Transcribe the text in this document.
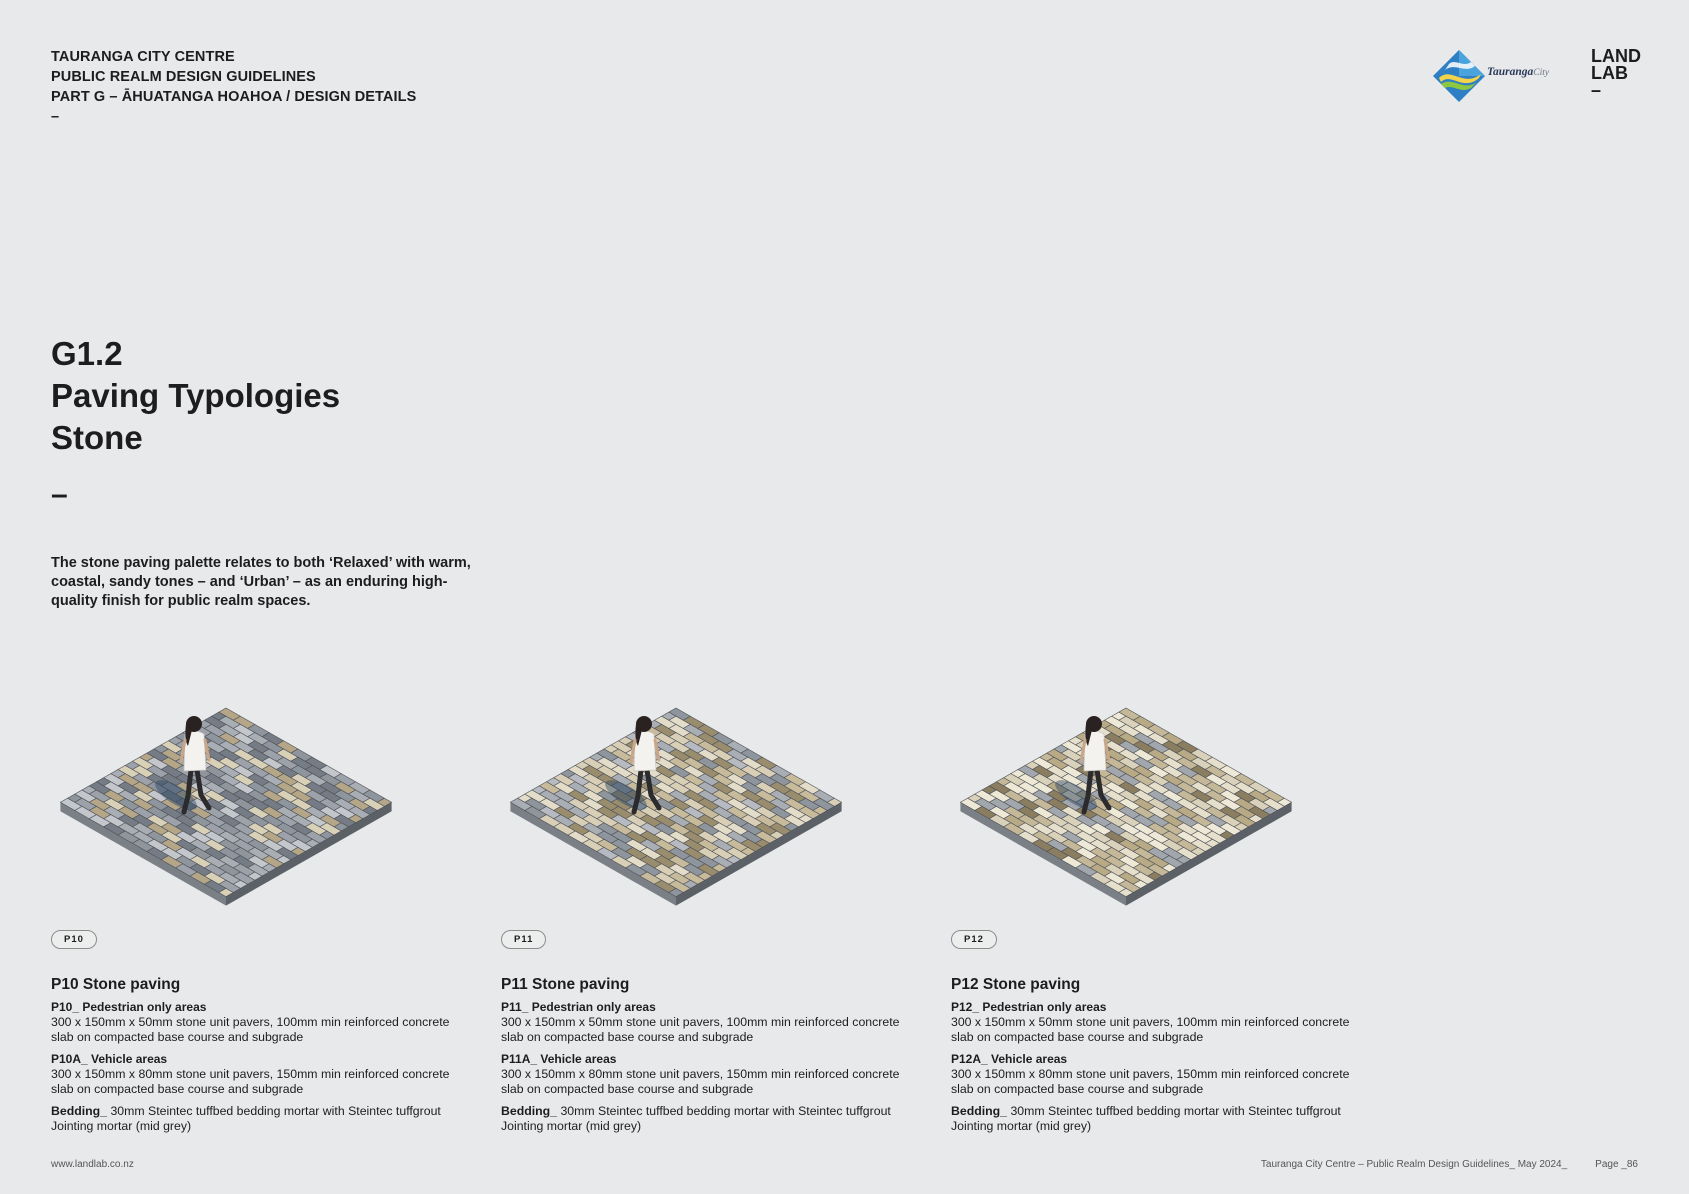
TAURANGA CITY CENTRE
PUBLIC REALM DESIGN GUIDELINES
PART G – ĀHUATANGA HOAHOA / DESIGN DETAILS
–
TaurangaCity
LAND
LAB
–
G1.2
Paving Typologies
Stone
–

The stone paving palette relates to both ‘Relaxed’ with warm, coastal, sandy tones – and ‘Urban’ – as an enduring high-quality finish for public realm spaces.

P10
P10 Stone paving
P10_ Pedestrian only areas
300 x 150mm x 50mm stone unit pavers, 100mm min reinforced concrete slab on compacted base course and subgrade
P10A_ Vehicle areas
300 x 150mm x 80mm stone unit pavers, 150mm min reinforced concrete slab on compacted base course and subgrade
Bedding_ 30mm Steintec tuffbed bedding mortar with Steintec tuffgrout Jointing mortar (mid grey)
P11
P11 Stone paving
P11_ Pedestrian only areas
300 x 150mm x 50mm stone unit pavers, 100mm min reinforced concrete slab on compacted base course and subgrade
P11A_ Vehicle areas
300 x 150mm x 80mm stone unit pavers, 150mm min reinforced concrete slab on compacted base course and subgrade
Bedding_ 30mm Steintec tuffbed bedding mortar with Steintec tuffgrout Jointing mortar (mid grey)
P12
P12 Stone paving
P12_ Pedestrian only areas
300 x 150mm x 50mm stone unit pavers, 100mm min reinforced concrete slab on compacted base course and subgrade
P12A_ Vehicle areas
300 x 150mm x 80mm stone unit pavers, 150mm min reinforced concrete slab on compacted base course and subgrade
Bedding_ 30mm Steintec tuffbed bedding mortar with Steintec tuffgrout Jointing mortar (mid grey)
www.landlab.co.nz	Tauranga City Centre – Public Realm Design Guidelines_ May 2024_	Page _86
